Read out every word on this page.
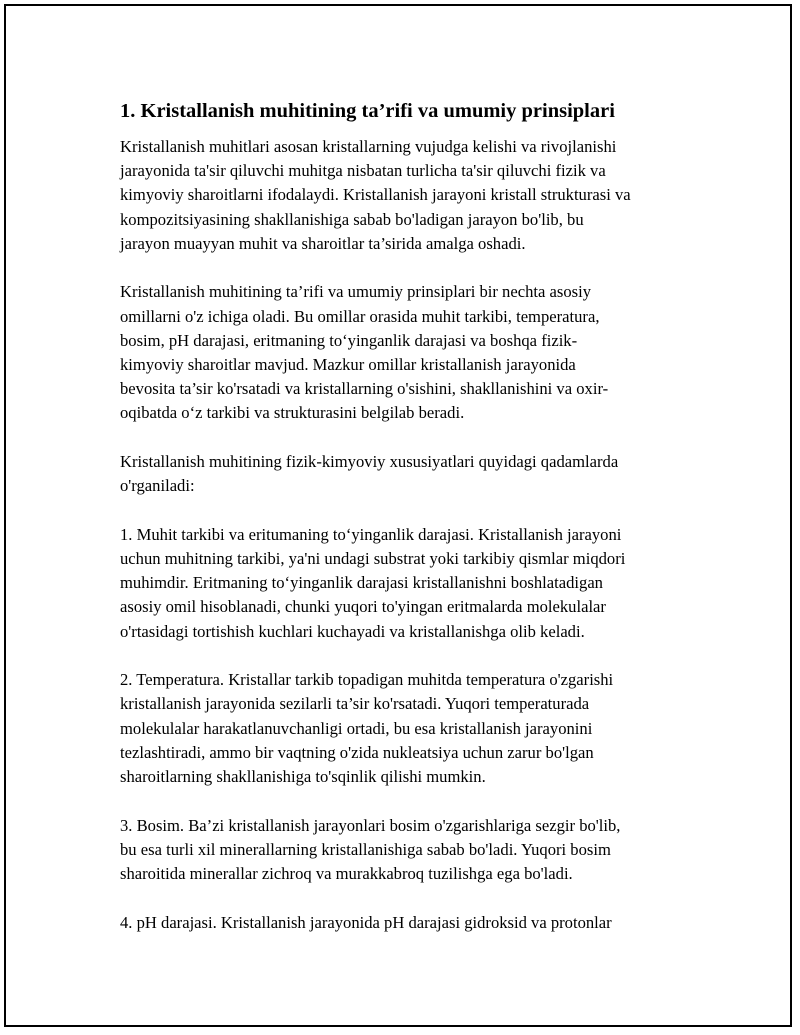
1. Kristallanish muhitining ta’rifi va umumiy prinsiplari
Kristallanish muhitlari asosan kristallarning vujudga kelishi va rivojlanishi
jarayonida ta'sir qiluvchi muhitga nisbatan turlicha ta'sir qiluvchi fizik va
kimyoviy sharoitlarni ifodalaydi. Kristallanish jarayoni kristall strukturasi va
kompozitsiyasining shakllanishiga sabab bo'ladigan jarayon bo'lib, bu
jarayon muayyan muhit va sharoitlar ta’sirida amalga oshadi.
Kristallanish muhitining ta’rifi va umumiy prinsiplari bir nechta asosiy
omillarni o'z ichiga oladi. Bu omillar orasida muhit tarkibi, temperatura,
bosim, pH darajasi, eritmaning to‘yinganlik darajasi va boshqa fizik-
kimyoviy sharoitlar mavjud. Mazkur omillar kristallanish jarayonida
bevosita ta’sir ko'rsatadi va kristallarning o'sishini, shakllanishini va oxir-
oqibatda o‘z tarkibi va strukturasini belgilab beradi.
Kristallanish muhitining fizik-kimyoviy xususiyatlari quyidagi qadamlarda
o'rganiladi:
1. Muhit tarkibi va eritumaning to‘yinganlik darajasi. Kristallanish jarayoni
uchun muhitning tarkibi, ya'ni undagi substrat yoki tarkibiy qismlar miqdori
muhimdir. Eritmaning to‘yinganlik darajasi kristallanishni boshlatadigan
asosiy omil hisoblanadi, chunki yuqori to'yingan eritmalarda molekulalar
o'rtasidagi tortishish kuchlari kuchayadi va kristallanishga olib keladi.
2. Temperatura. Kristallar tarkib topadigan muhitda temperatura o'zgarishi
kristallanish jarayonida sezilarli ta’sir ko'rsatadi. Yuqori temperaturada
molekulalar harakatlanuvchanligi ortadi, bu esa kristallanish jarayonini
tezlashtiradi, ammo bir vaqtning o'zida nukleatsiya uchun zarur bo'lgan
sharoitlarning shakllanishiga to'sqinlik qilishi mumkin.
3. Bosim. Ba’zi kristallanish jarayonlari bosim o'zgarishlariga sezgir bo'lib,
bu esa turli xil minerallarning kristallanishiga sabab bo'ladi. Yuqori bosim
sharoitida minerallar zichroq va murakkabroq tuzilishga ega bo'ladi.
4. pH darajasi. Kristallanish jarayonida pH darajasi gidroksid va protonlar
